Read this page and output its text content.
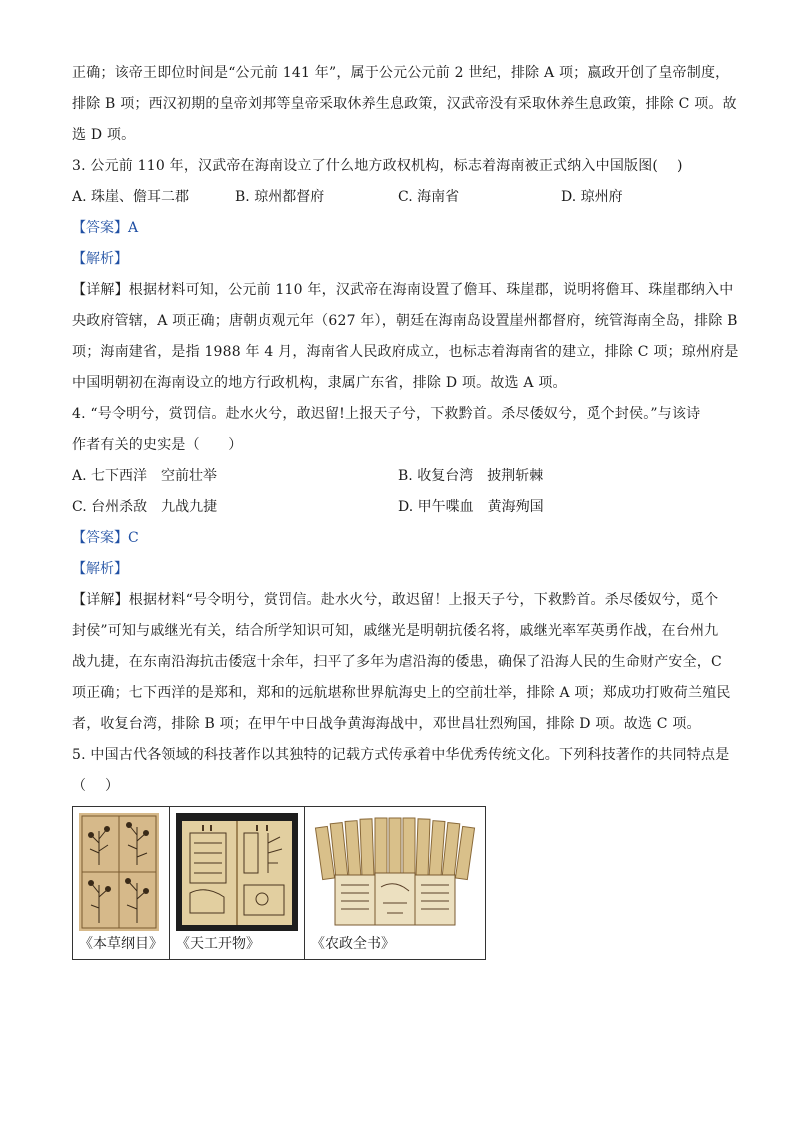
正确；该帝王即位时间是“公元前 141 年”，属于公元公元前 2 世纪，排除 A 项；嬴政开创了皇帝制度，
排除 B 项；西汉初期的皇帝刘邦等皇帝采取休养生息政策，汉武帝没有采取休养生息政策，排除 C 项。故
选 D 项。

3. 公元前 110 年，汉武帝在海南设立了什么地方政权机构，标志着海南被正式纳入中国版图(　 )

A. 珠崖、儋耳二郡	B. 琼州都督府	C. 海南省	D. 琼州府
【答案】A
【解析】
【详解】根据材料可知，公元前 110 年，汉武帝在海南设置了儋耳、珠崖郡，说明将儋耳、珠崖郡纳入中
央政府管辖，A 项正确；唐朝贞观元年（627 年），朝廷在海南岛设置崖州都督府，统管海南全岛，排除 B
项；海南建省，是指 1988 年 4 月，海南省人民政府成立，也标志着海南省的建立，排除 C 项；琼州府是
中国明朝初在海南设立的地方行政机构，隶属广东省，排除 D 项。故选 A 项。
4. “号令明兮，赏罚信。赴水火兮，敢迟留!上报天子兮，下救黔首。杀尽倭奴兮，觅个封侯。”与该诗
作者有关的史实是（　　）
A. 七下西洋　空前壮举	B. 收复台湾　披荆斩棘
C. 台州杀敌　九战九捷	D. 甲午喋血　黄海殉国
【答案】C
【解析】
【详解】根据材料“号令明兮，赏罚信。赴水火兮，敢迟留！上报天子兮，下救黔首。杀尽倭奴兮，觅个
封侯”可知与戚继光有关，结合所学知识可知，戚继光是明朝抗倭名将，戚继光率军英勇作战，在台州九
战九捷，在东南沿海抗击倭寇十余年，扫平了多年为虐沿海的倭患，确保了沿海人民的生命财产安全，C
项正确；七下西洋的是郑和，郑和的远航堪称世界航海史上的空前壮举，排除 A 项；郑成功打败荷兰殖民
者，收复台湾，排除 B 项；在甲午中日战争黄海海战中，邓世昌壮烈殉国，排除 D 项。故选 C 项。
5. 中国古代各领域的科技著作以其独特的记载方式传承着中华优秀传统文化。下列科技著作的共同特点是
（　 ）
《本草纲目》	《天工开物》	《农政全书》
